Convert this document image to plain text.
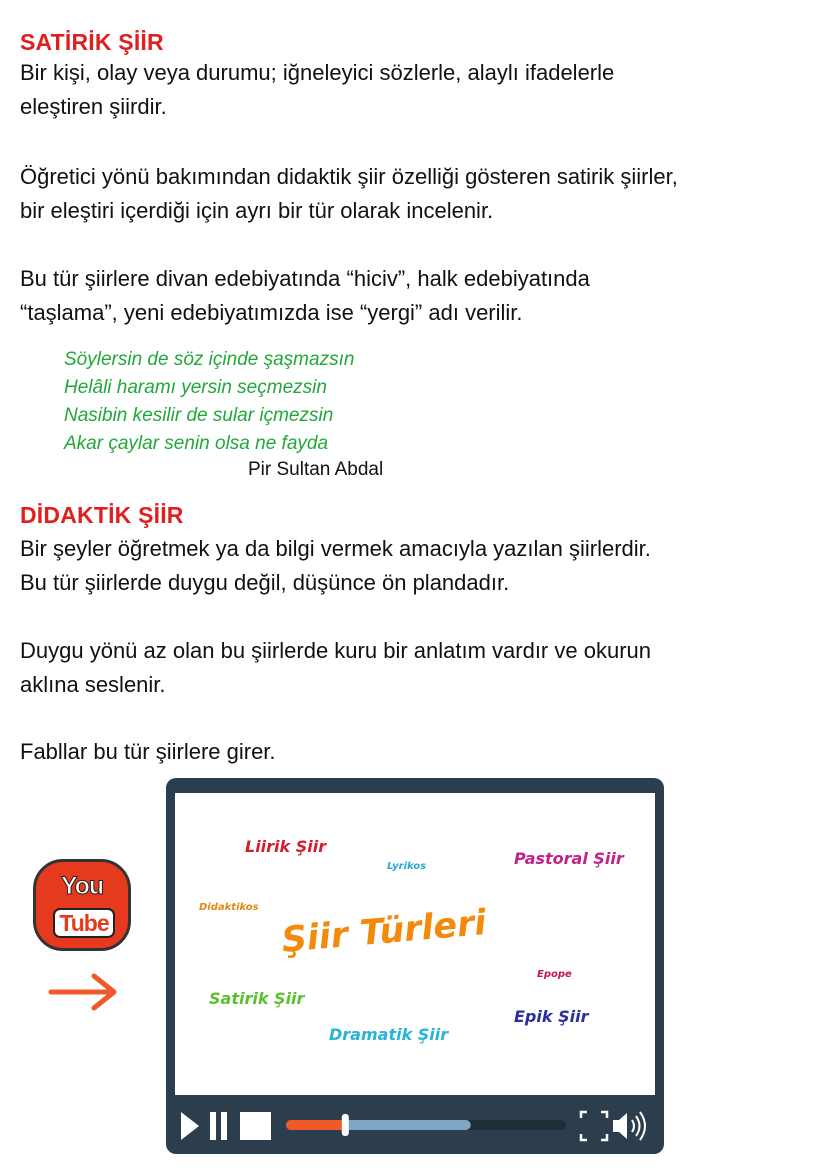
SATİRİK ŞİİR
Bir kişi, olay veya durumu; iğneleyici sözlerle, alaylı ifadelerle
eleştiren şiirdir.
Öğretici yönü bakımından didaktik şiir özelliği gösteren satirik şiirler,
bir eleştiri içerdiği için ayrı bir tür olarak incelenir.
Bu tür şiirlere divan edebiyatında “hiciv”, halk edebiyatında
“taşlama”, yeni edebiyatımızda ise “yergi” adı verilir.
Söylersin de söz içinde şaşmazsın
Helâli haramı yersin seçmezsin
Nasibin kesilir de sular içmezsin
Akar çaylar senin olsa ne fayda
Pir Sultan Abdal
DİDAKTİK ŞİİR
Bir şeyler öğretmek ya da bilgi vermek amacıyla yazılan şiirlerdir.
Bu tür şiirlerde duygu değil, düşünce ön plandadır.
Duygu yönü az olan bu şiirlerde kuru bir anlatım vardır ve okurun
aklına seslenir.
Fabllar bu tür şiirlere girer.
You
Tube
Liirik Şiir
Lyrikos	Pastoral Şiir
Didaktikos Şiir Türleri
Epope
Satirik Şiir
Epik Şiir
Dramatik Şiir
